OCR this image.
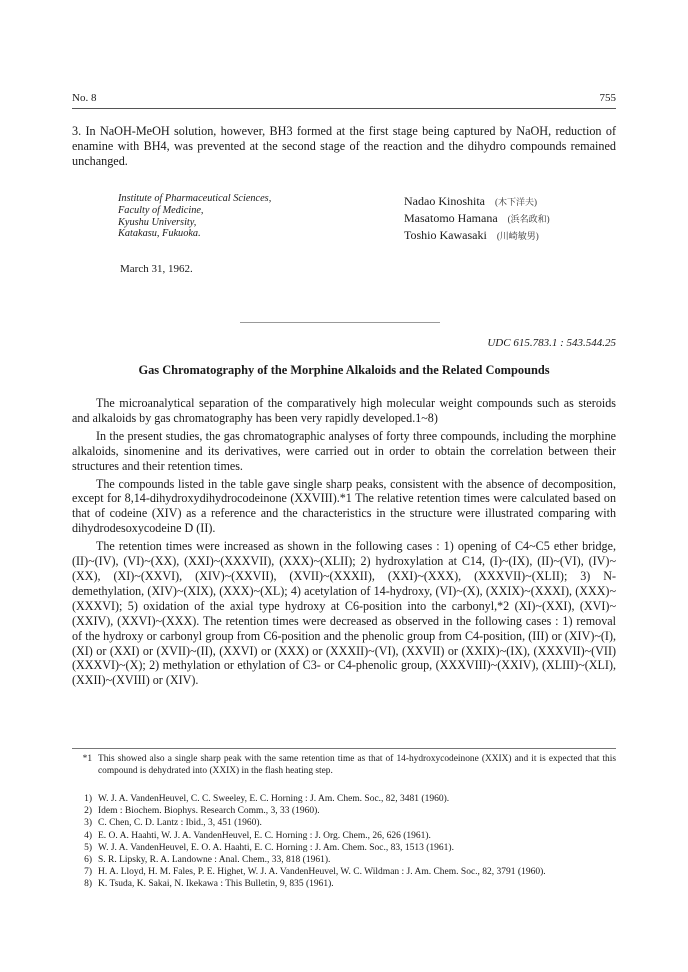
No. 8	755

3. In NaOH-MeOH solution, however, BH3 formed at the first stage being captured by NaOH, reduction of enamine with BH4, was prevented at the second stage of the reaction and the dihydro compounds remained unchanged.

Institute of Pharmaceutical Sciences,
Faculty of Medicine,
Kyushu University,
Katakasu, Fukuoka.
Nadao Kinoshita (木下洋夫)
Masatomo Hamana (浜名政和)
Toshio Kawasaki (川崎敏男)
March 31, 1962.
UDC 615.783.1 : 543.544.25
Gas Chromatography of the Morphine Alkaloids and the Related Compounds

The microanalytical separation of the comparatively high molecular weight compounds such as steroids and alkaloids by gas chromatography has been very rapidly developed.1~8)

In the present studies, the gas chromatographic analyses of forty three compounds, including the morphine alkaloids, sinomenine and its derivatives, were carried out in order to obtain the correlation between their structures and their retention times.

The compounds listed in the table gave single sharp peaks, consistent with the absence of decomposition, except for 8,14-dihydroxydihydrocodeinone (XXVIII).*1 The relative retention times were calculated based on that of codeine (XIV) as a reference and the characteristics in the structure were illustrated comparing with dihydrodesoxycodeine D (II).

The retention times were increased as shown in the following cases : 1) opening of C4~C5 ether bridge, (II)~(IV), (VI)~(XX), (XXI)~(XXXVII), (XXX)~(XLII); 2) hydroxylation at C14, (I)~(IX), (II)~(VI), (IV)~(XX), (XI)~(XXVI), (XIV)~(XXVII), (XVII)~(XXXII), (XXI)~(XXX), (XXXVII)~(XLII); 3) N-demethylation, (XIV)~(XIX), (XXX)~(XL); 4) acetylation of 14-hydroxy, (VI)~(X), (XXIX)~(XXXI), (XXX)~(XXXVI); 5) oxidation of the axial type hydroxy at C6-position into the carbonyl,*2 (XI)~(XXI), (XVI)~(XXIV), (XXVI)~(XXX). The retention times were decreased as observed in the following cases : 1) removal of the hydroxy or carbonyl group from C6-position and the phenolic group from C4-position, (III) or (XIV)~(I), (XI) or (XXI) or (XVII)~(II), (XXVI) or (XXX) or (XXXII)~(VI), (XXVII) or (XXIX)~(IX), (XXXVII)~(VII) (XXXVI)~(X); 2) methylation or ethylation of C3- or C4-phenolic group, (XXXVIII)~(XXIV), (XLIII)~(XLI), (XXII)~(XVIII) or (XIV).

*1 This showed also a single sharp peak with the same retention time as that of 14-hydroxycodeinone (XXIX) and it is expected that this compound is dehydrated into (XXIX) in the flash heating step.
1) W. J. A. VandenHeuvel, C. C. Sweeley, E. C. Horning : J. Am. Chem. Soc., 82, 3481 (1960).
2) Idem : Biochem. Biophys. Research Comm., 3, 33 (1960).
3) C. Chen, C. D. Lantz : Ibid., 3, 451 (1960).
4) E. O. A. Haahti, W. J. A. VandenHeuvel, E. C. Horning : J. Org. Chem., 26, 626 (1961).
5) W. J. A. VandenHeuvel, E. O. A. Haahti, E. C. Horning : J. Am. Chem. Soc., 83, 1513 (1961).
6) S. R. Lipsky, R. A. Landowne : Anal. Chem., 33, 818 (1961).
7) H. A. Lloyd, H. M. Fales, P. E. Highet, W. J. A. VandenHeuvel, W. C. Wildman : J. Am. Chem. Soc., 82, 3791 (1960).
8) K. Tsuda, K. Sakai, N. Ikekawa : This Bulletin, 9, 835 (1961).
